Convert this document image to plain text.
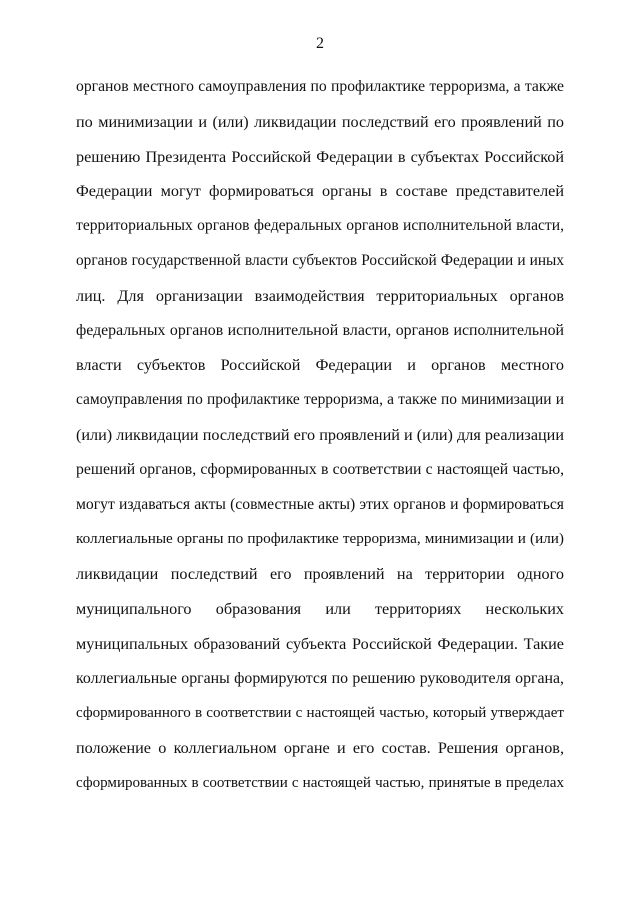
2
органов местного самоуправления по профилактике терроризма, а также
по минимизации и (или) ликвидации последствий его проявлений по
решению Президента Российской Федерации в субъектах Российской
Федерации могут формироваться органы в составе представителей
территориальных органов федеральных органов исполнительной власти,
органов государственной власти субъектов Российской Федерации и иных
лиц. Для организации взаимодействия территориальных органов
федеральных органов исполнительной власти, органов исполнительной
власти субъектов Российской Федерации и органов местного
самоуправления по профилактике терроризма, а также по минимизации и
(или) ликвидации последствий его проявлений и (или) для реализации
решений органов, сформированных в соответствии с настоящей частью,
могут издаваться акты (совместные акты) этих органов и формироваться
коллегиальные органы по профилактике терроризма, минимизации и (или)
ликвидации последствий его проявлений на территории одного
муниципального образования или территориях нескольких
муниципальных образований субъекта Российской Федерации. Такие
коллегиальные органы формируются по решению руководителя органа,
сформированного в соответствии с настоящей частью, который утверждает
положение о коллегиальном органе и его состав. Решения органов,
сформированных в соответствии с настоящей частью, принятые в пределах
